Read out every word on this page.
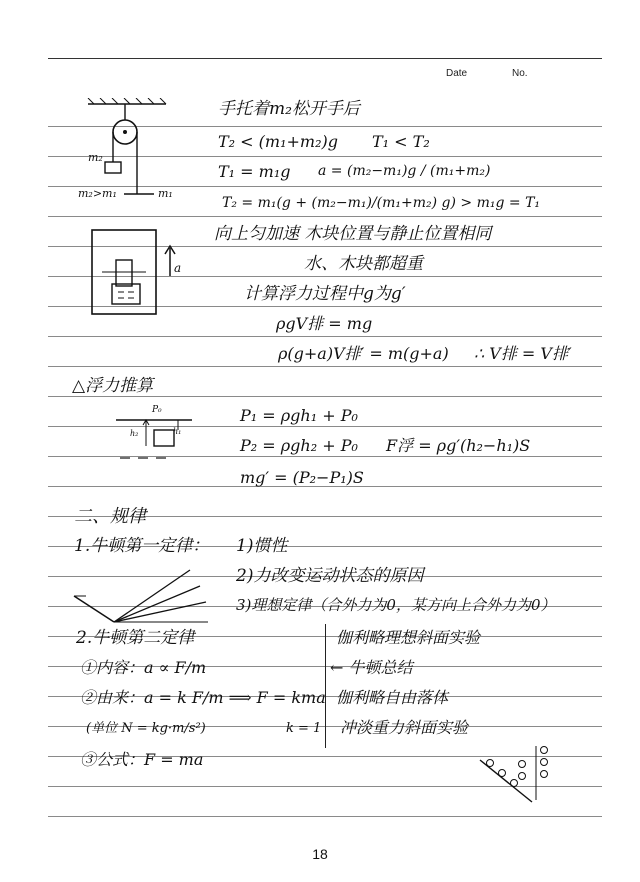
Date	No.
m₂
m₂>m₁	m₁
a
P₀
h₁
h₂
手托着m₂松开手后
T₂ < (m₁+m₂)g T₁ < T₂
T₁ = m₁g a = (m₂−m₁)g / (m₁+m₂)
T₂ = m₁(g + (m₂−m₁)/(m₁+m₂) g) > m₁g = T₁
向上匀加速 木块位置与静止位置相同
水、木块都超重
计算浮力过程中g为g′
ρgV排 = mg
ρ(g+a)V排′ = m(g+a) ∴ V排 = V排′
△浮力推算
P₁ = ρgh₁ + P₀
P₂ = ρgh₂ + P₀ F浮 = ρg′(h₂−h₁)S
mg′ = (P₂−P₁)S
二、规律
1.牛顿第一定律： 1)惯性
2)力改变运动状态的原因
3)理想定律（合外力为0，某方向上合外力为0）
2.牛顿第二定律	伽利略理想斜面实验
①内容：a ∝ F/m	← 牛顿总结
②由来：a = k F/m ⟹ F = kma 伽利略自由落体
(单位 N = kg·m/s²)	k = 1 冲淡重力斜面实验
③公式：F = ma
18
